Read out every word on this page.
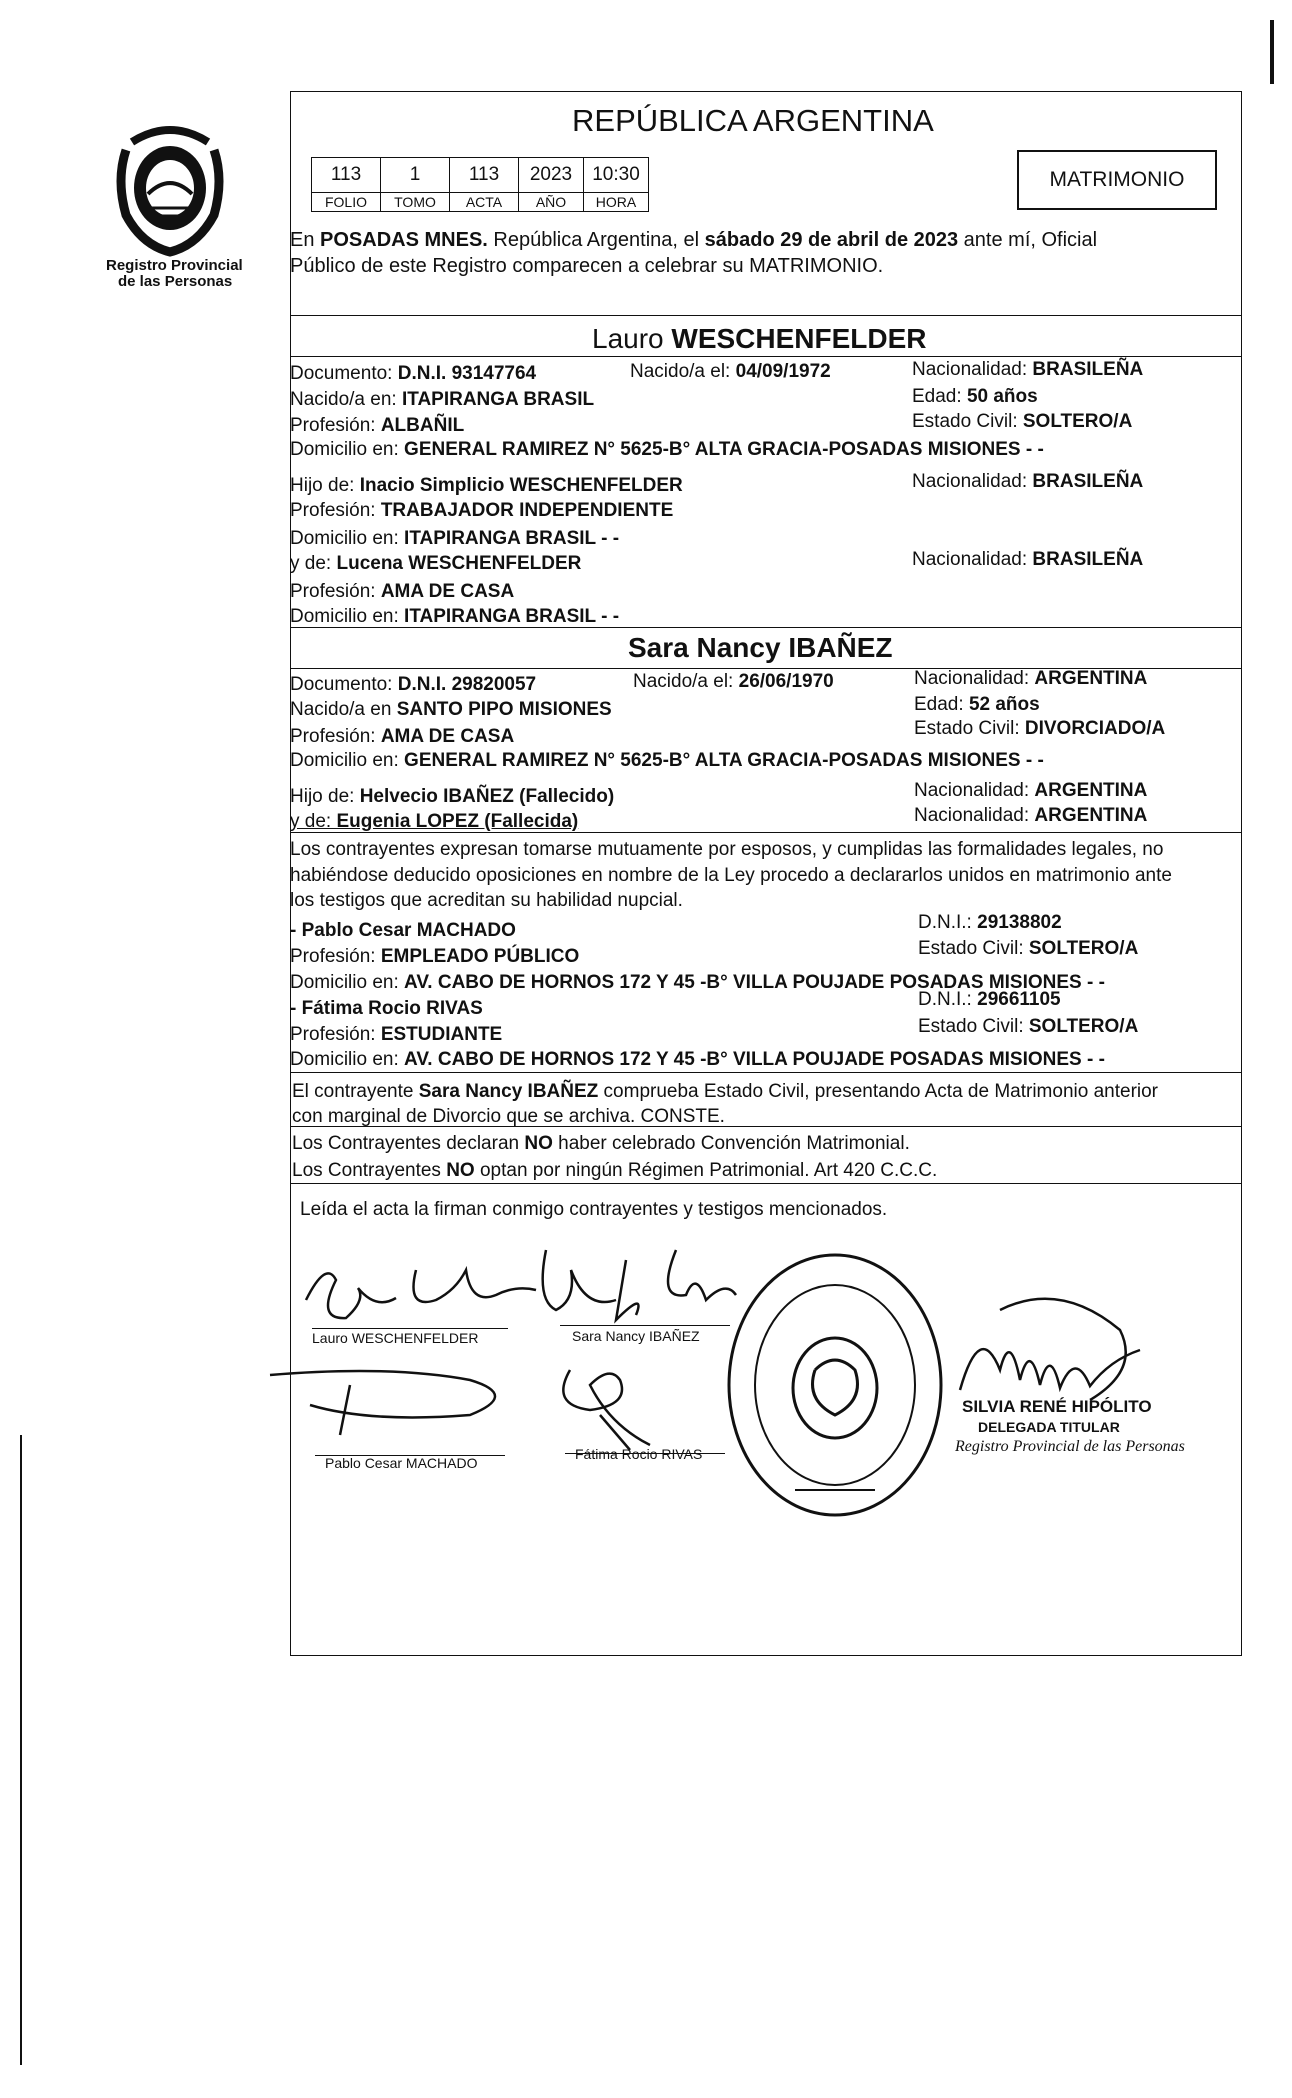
Registro Provincial
de las Personas
REPÚBLICA ARGENTINA
113	1	113	2023	10:30
FOLIO	TOMO	ACTA	AÑO	HORA
MATRIMONIO
En POSADAS MNES. República Argentina, el sábado 29 de abril de 2023 ante mí, Oficial
Público de este Registro comparecen a celebrar su MATRIMONIO.
Lauro WESCHENFELDER
Documento: D.N.I. 93147764	Nacido/a el: 04/09/1972	Nacionalidad: BRASILEÑA
Nacido/a en: ITAPIRANGA BRASIL	Edad: 50 años
Profesión: ALBAÑIL	Estado Civil: SOLTERO/A
Domicilio en: GENERAL RAMIREZ N° 5625-B° ALTA GRACIA-POSADAS MISIONES - -
Hijo de: Inacio Simplicio WESCHENFELDER	Nacionalidad: BRASILEÑA
Profesión: TRABAJADOR INDEPENDIENTE
Domicilio en: ITAPIRANGA BRASIL - -
y de: Lucena WESCHENFELDER	Nacionalidad: BRASILEÑA
Profesión: AMA DE CASA
Domicilio en: ITAPIRANGA BRASIL - -
Sara Nancy IBAÑEZ
Documento: D.N.I. 29820057	Nacido/a el: 26/06/1970	Nacionalidad: ARGENTINA
Nacido/a en SANTO PIPO MISIONES	Edad: 52 años
Profesión: AMA DE CASA	Estado Civil: DIVORCIADO/A
Domicilio en: GENERAL RAMIREZ N° 5625-B° ALTA GRACIA-POSADAS MISIONES - -
Hijo de: Helvecio IBAÑEZ (Fallecido)	Nacionalidad: ARGENTINA
y de: Eugenia LOPEZ (Fallecida)	Nacionalidad: ARGENTINA
Los contrayentes expresan tomarse mutuamente por esposos, y cumplidas las formalidades legales, no
habiéndose deducido oposiciones en nombre de la Ley procedo a declararlos unidos en matrimonio ante
los testigos que acreditan su habilidad nupcial.
- Pablo Cesar MACHADO	D.N.I.: 29138802
Profesión: EMPLEADO PÚBLICO	Estado Civil: SOLTERO/A
Domicilio en: AV. CABO DE HORNOS 172 Y 45 -B° VILLA POUJADE POSADAS MISIONES - -
- Fátima Rocio RIVAS	D.N.I.: 29661105
Profesión: ESTUDIANTE	Estado Civil: SOLTERO/A
Domicilio en: AV. CABO DE HORNOS 172 Y 45 -B° VILLA POUJADE POSADAS MISIONES - -
El contrayente Sara Nancy IBAÑEZ comprueba Estado Civil, presentando Acta de Matrimonio anterior
con marginal de Divorcio que se archiva. CONSTE.
Los Contrayentes declaran NO haber celebrado Convención Matrimonial.
Los Contrayentes NO optan por ningún Régimen Patrimonial. Art 420 C.C.C.
Leída el acta la firman conmigo contrayentes y testigos mencionados.
Lauro WESCHENFELDER	Sara Nancy IBAÑEZ
Pablo Cesar MACHADO
Fátima Rocio RIVAS
SILVIA RENÉ HIPÓLITO
DELEGADA TITULAR
Registro Provincial de las Personas
